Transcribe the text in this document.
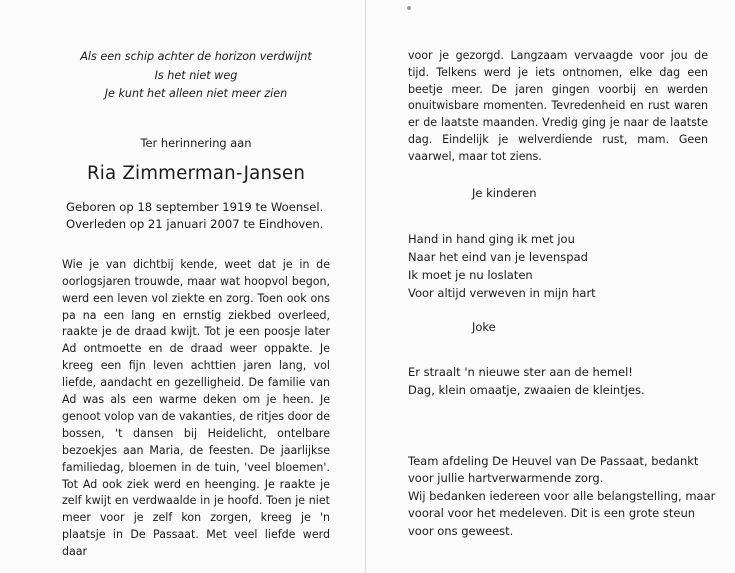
Als een schip achter de horizon verdwijnt
Is het niet weg
Je kunt het alleen niet meer zien
Ter herinnering aan
Ria Zimmerman-Jansen
Geboren op 18 september 1919 te Woensel.
Overleden op 21 januari 2007 te Eindhoven.
Wie je van dichtbij kende, weet dat je in de oorlogsjaren trouwde, maar wat hoopvol begon, werd een leven vol ziekte en zorg. Toen ook ons pa na een lang en ernstig ziekbed overleed, raakte je de draad kwijt. Tot je een poosje later Ad ontmoette en de draad weer oppakte. Je kreeg een fijn leven achttien jaren lang, vol liefde, aandacht en gezelligheid. De familie van Ad was als een warme deken om je heen. Je genoot volop van de vakanties, de ritjes door de bossen, 't dansen bij Heidelicht, ontelbare bezoekjes aan Maria, de feesten. De jaarlijkse familiedag, bloemen in de tuin, 'veel bloemen'. Tot Ad ook ziek werd en heenging. Je raakte je zelf kwijt en verdwaalde in je hoofd. Toen je niet meer voor je zelf kon zorgen, kreeg je 'n plaatsje in De Passaat. Met veel liefde werd daar
voor je gezorgd. Langzaam vervaagde voor jou de tijd. Telkens werd je iets ontnomen, elke dag een beetje meer. De jaren gingen voorbij en werden onuitwisbare momenten. Tevredenheid en rust waren er de laatste maanden. Vredig ging je naar de laatste dag. Eindelijk je welverdiende rust, mam. Geen vaarwel, maar tot ziens.
Je kinderen
Hand in hand ging ik met jou
Naar het eind van je levenspad
Ik moet je nu loslaten
Voor altijd verweven in mijn hart
Joke
Er straalt 'n nieuwe ster aan de hemel!
Dag, klein omaatje, zwaaien de kleintjes.
Team afdeling De Heuvel van De Passaat, bedankt
voor jullie hartverwarmende zorg.
Wij bedanken iedereen voor alle belangstelling, maar
vooral voor het medeleven. Dit is een grote steun
voor ons geweest.
